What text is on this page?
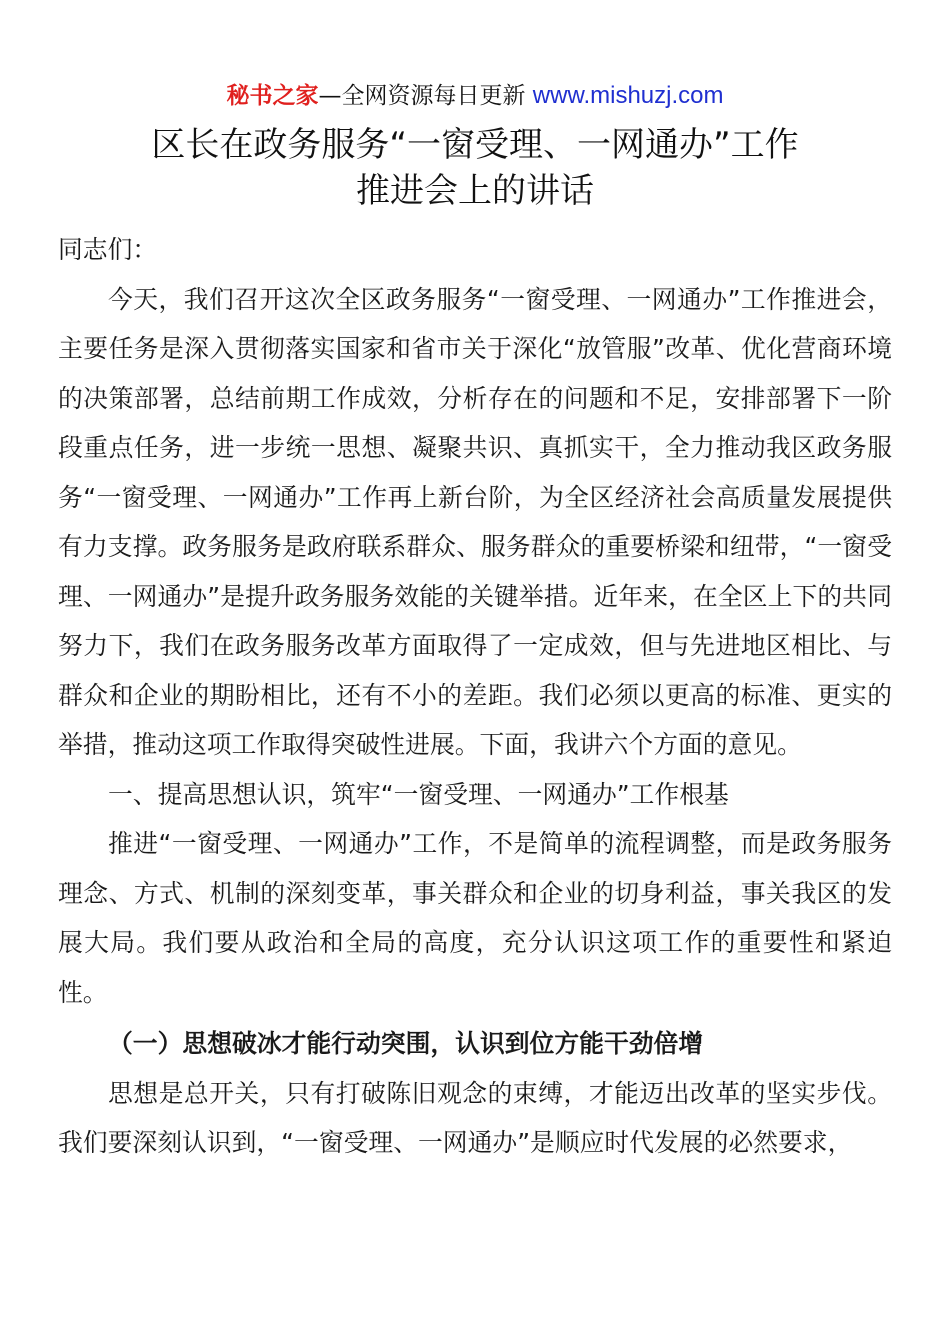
秘书之家—全网资源每日更新 www.mishuzj.com
区长在政务服务“一窗受理、一网通办”工作
推进会上的讲话

同志们：

今天，我们召开这次全区政务服务“一窗受理、一网通办”工作推进会，主要任务是深入贯彻落实国家和省市关于深化“放管服”改革、优化营商环境的决策部署，总结前期工作成效，分析存在的问题和不足，安排部署下一阶段重点任务，进一步统一思想、凝聚共识、真抓实干，全力推动我区政务服务“一窗受理、一网通办”工作再上新台阶，为全区经济社会高质量发展提供有力支撑。政务服务是政府联系群众、服务群众的重要桥梁和纽带，“一窗受理、一网通办”是提升政务服务效能的关键举措。近年来，在全区上下的共同努力下，我们在政务服务改革方面取得了一定成效，但与先进地区相比、与群众和企业的期盼相比，还有不小的差距。我们必须以更高的标准、更实的举措，推动这项工作取得突破性进展。下面，我讲六个方面的意见。

一、提高思想认识，筑牢“一窗受理、一网通办”工作根基

推进“一窗受理、一网通办”工作，不是简单的流程调整，而是政务服务理念、方式、机制的深刻变革，事关群众和企业的切身利益，事关我区的发展大局。我们要从政治和全局的高度，充分认识这项工作的重要性和紧迫性。

（一）思想破冰才能行动突围，认识到位方能干劲倍增

思想是总开关，只有打破陈旧观念的束缚，才能迈出改革的坚实步伐。我们要深刻认识到，“一窗受理、一网通办”是顺应时代发展的必然要求，
